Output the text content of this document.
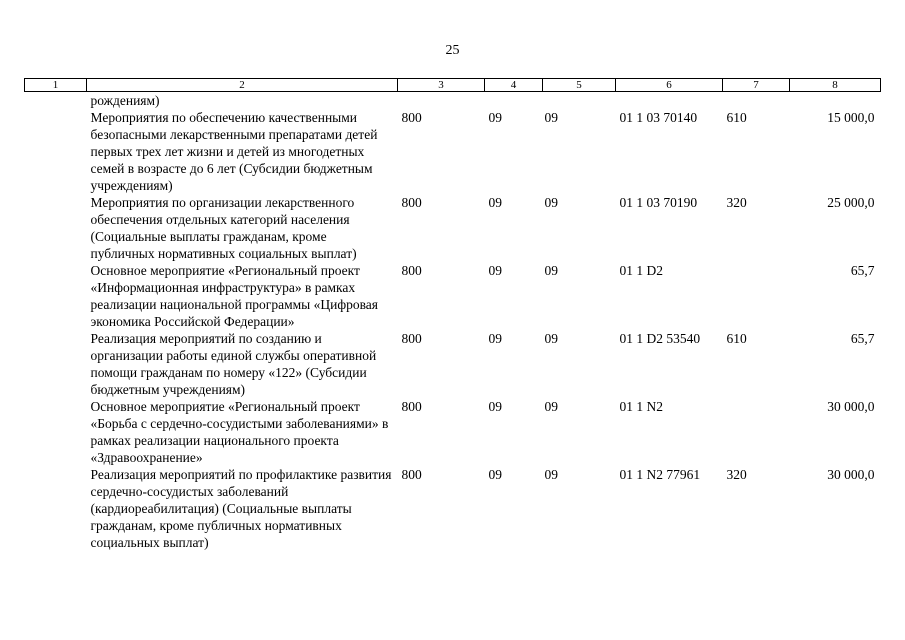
25
1	2	3	4	5	6	7	8
	рождениям)						
	Мероприятия по обеспечению качественными безопасными лекарственными препаратами детей первых трех лет жизни и детей из многодетных семей в возрасте до 6 лет (Субсидии бюджетным учреждениям)	800	09	09	01 1 03 70140	610	15 000,0
	Мероприятия по организации лекарственного обеспечения отдельных категорий населения (Социальные выплаты гражданам, кроме публичных нормативных социальных выплат)	800	09	09	01 1 03 70190	320	25 000,0
	Основное мероприятие «Региональный проект «Информационная инфраструктура» в рамках реализации национальной программы «Цифровая экономика Российской Федерации»	800	09	09	01 1 D2		65,7
	Реализация мероприятий по созданию и организации работы единой службы оперативной помощи гражданам по номеру «122» (Субсидии бюджетным учреждениям)	800	09	09	01 1 D2 53540	610	65,7
	Основное мероприятие «Региональный проект «Борьба с сердечно-сосудистыми заболеваниями» в рамках реализации национального проекта «Здравоохранение»	800	09	09	01 1 N2		30 000,0
	Реализация мероприятий по профилактике развития сердечно-сосудистых заболеваний (кардиореабилитация) (Социальные выплаты гражданам, кроме публичных нормативных социальных выплат)	800	09	09	01 1 N2 77961	320	30 000,0
